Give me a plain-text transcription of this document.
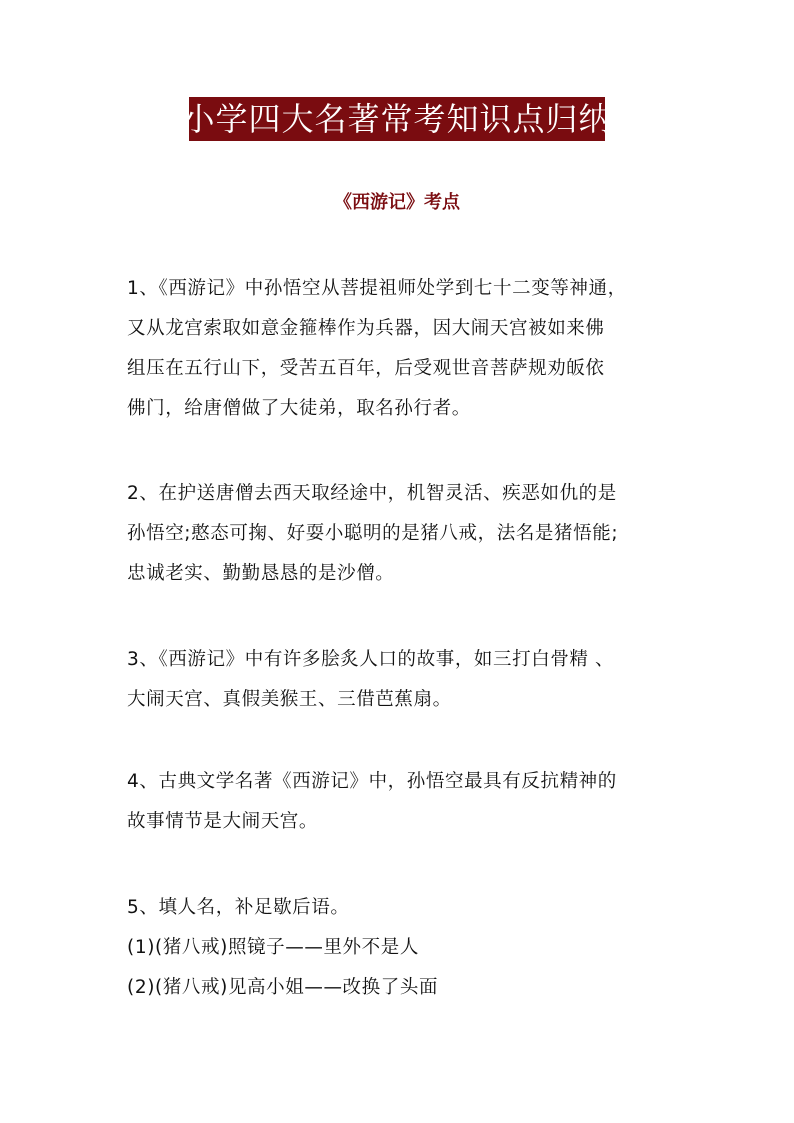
小学四大名著常考知识点归纳
《西游记》考点
1、《西游记》中孙悟空从菩提祖师处学到七十二变等神通，
又从龙宫索取如意金箍棒作为兵器，因大闹天宫被如来佛
组压在五行山下，受苦五百年，后受观世音菩萨规劝皈依
佛门，给唐僧做了大徒弟，取名孙行者。
2、在护送唐僧去西天取经途中，机智灵活、疾恶如仇的是
孙悟空;憨态可掬、好耍小聪明的是猪八戒，法名是猪悟能;
忠诚老实、勤勤恳恳的是沙僧。
3、《西游记》中有许多脍炙人口的故事，如三打白骨精 、
大闹天宫、真假美猴王、三借芭蕉扇。
4、古典文学名著《西游记》中，孙悟空最具有反抗精神的
故事情节是大闹天宫。
5、填人名，补足歇后语。
(1)(猪八戒)照镜子——里外不是人
(2)(猪八戒)见高小姐——改换了头面
